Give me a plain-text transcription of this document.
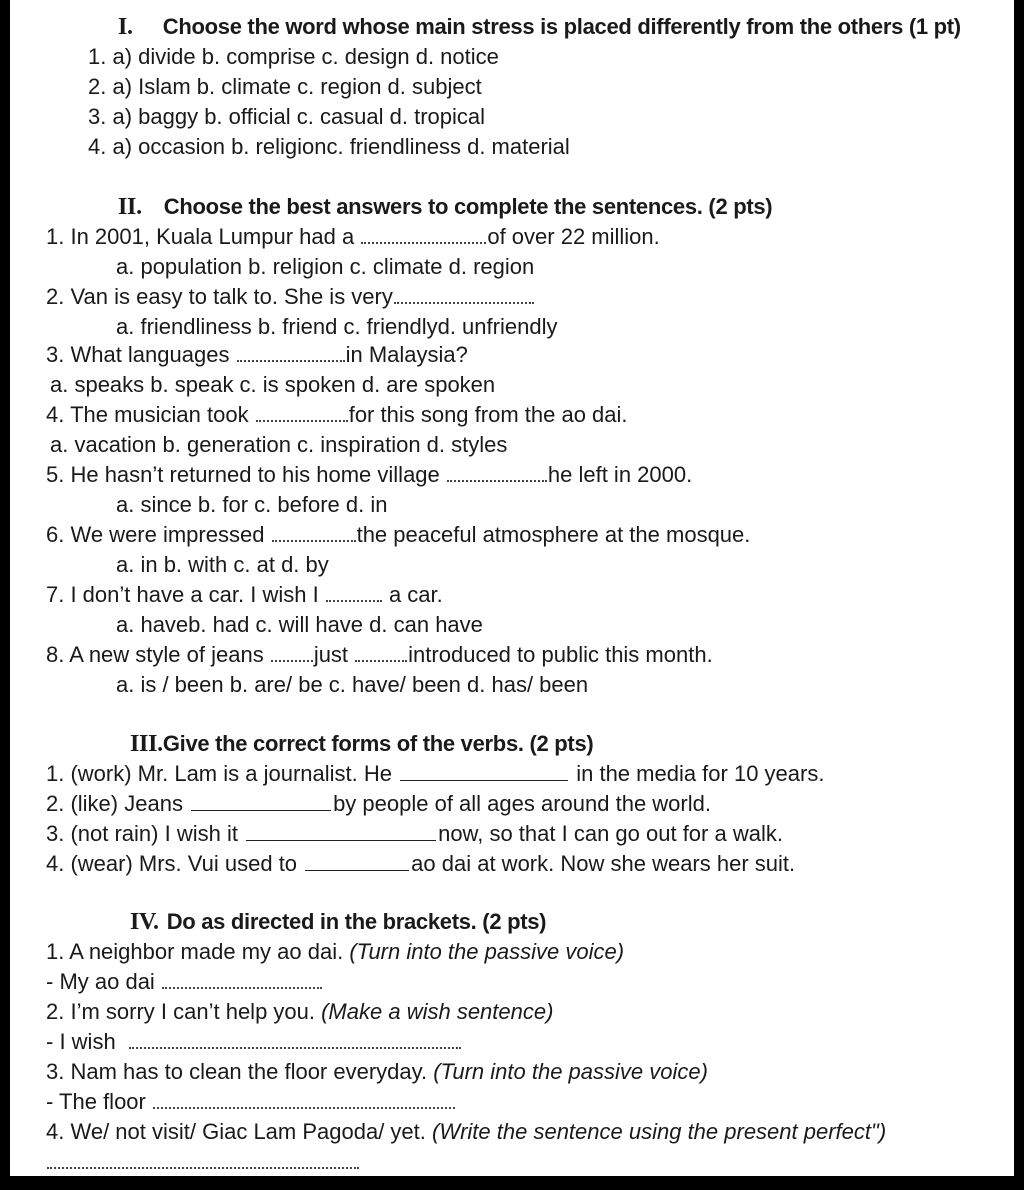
I. Choose the word whose main stress is placed differently from the others (1 pt)
1. a) divide b. comprise c. design d. notice
2. a) Islam b. climate c. region d. subject
3. a) baggy b. official c. casual d. tropical
4. a) occasion b. religionc. friendliness d. material
II. Choose the best answers to complete the sentences. (2 pts)
1. In 2001, Kuala Lumpur had a	of over 22 million.
a. population b. religion c. climate d. region
2. Van is easy to talk to. She is very
a. friendliness b. friend c. friendlyd. unfriendly
3. What languages	in Malaysia?
a. speaks b. speak c. is spoken d. are spoken
4. The musician took	for this song from the ao dai.
a. vacation b. generation c. inspiration d. styles
5. He hasn’t returned to his home village	he left in 2000.
a. since b. for c. before d. in
6. We were impressed	the peaceful atmosphere at the mosque.
a. in b. with c. at d. by
7. I don’t have a car. I wish I	a car.
a. haveb. had c. will have d. can have
8. A new style of jeans just introduced to public this month.
a. is / been b. are/ be c. have/ been d. has/ been
III.Give the correct forms of the verbs. (2 pts)
1. (work) Mr. Lam is a journalist. He	in the media for 10 years.
2. (like) Jeans	by people of all ages around the world.
3. (not rain) I wish it	now, so that I can go out for a walk.
4. (wear) Mrs. Vui used to	ao dai at work. Now she wears her suit.
IV. Do as directed in the brackets. (2 pts)
1. A neighbor made my ao dai. (Turn into the passive voice)
- My ao dai
2. I’m sorry I can’t help you. (Make a wish sentence)
- I wish
3. Nam has to clean the floor everyday. (Turn into the passive voice)
- The floor
4. We/ not visit/ Giac Lam Pagoda/ yet. (Write the sentence using the present perfect")
